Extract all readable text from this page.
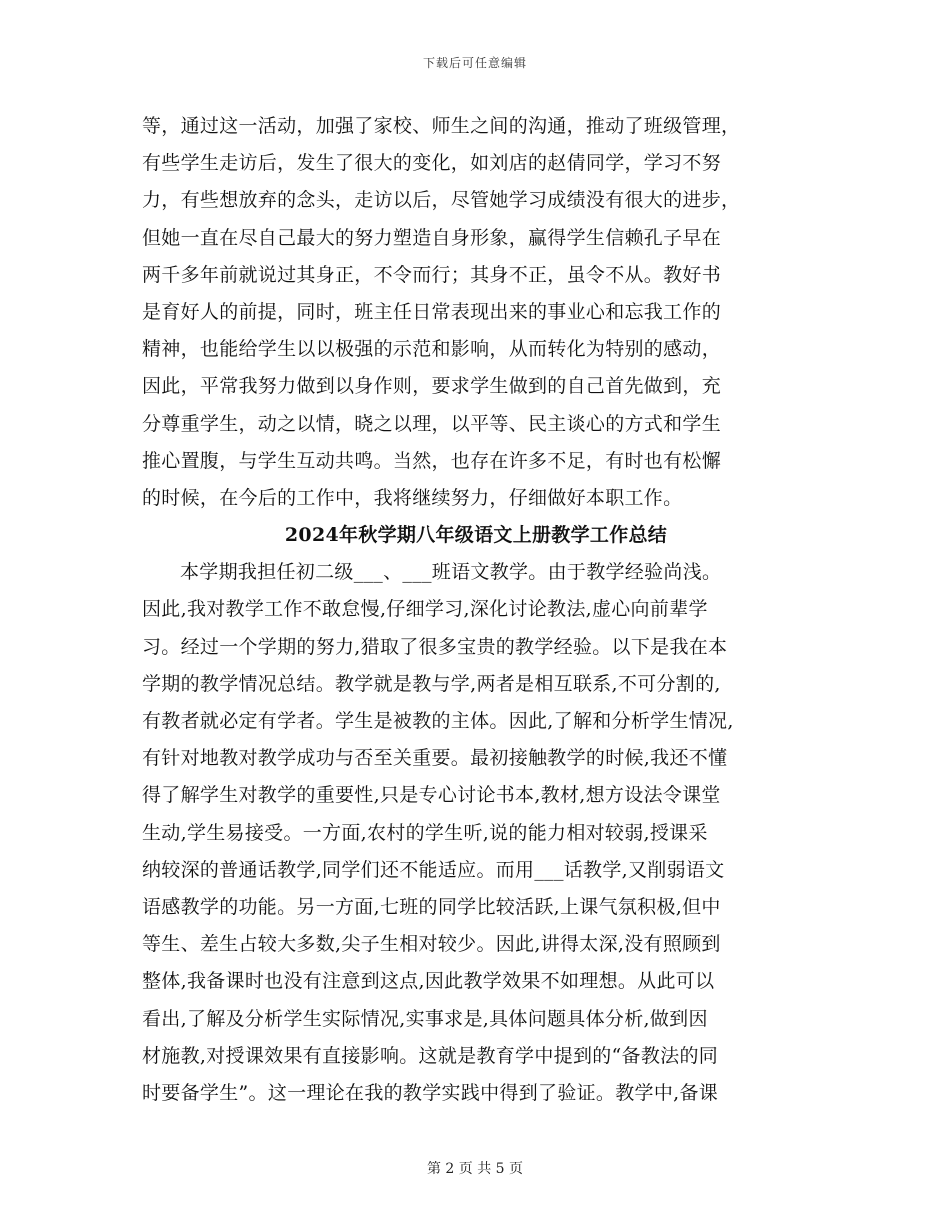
下载后可任意编辑
等，通过这一活动，加强了家校、师生之间的沟通，推动了班级管理，
有些学生走访后，发生了很大的变化，如刘店的赵倩同学，学习不努
力，有些想放弃的念头，走访以后，尽管她学习成绩没有很大的进步，
但她一直在尽自己最大的努力塑造自身形象，赢得学生信赖孔子早在
两千多年前就说过其身正，不令而行；其身不正，虽令不从。教好书
是育好人的前提，同时，班主任日常表现出来的事业心和忘我工作的
精神，也能给学生以以极强的示范和影响，从而转化为特别的感动，
因此，平常我努力做到以身作则，要求学生做到的自己首先做到，充
分尊重学生，动之以情，晓之以理，以平等、民主谈心的方式和学生
推心置腹，与学生互动共鸣。当然，也存在许多不足，有时也有松懈
的时候，在今后的工作中，我将继续努力，仔细做好本职工作。
2024年秋学期八年级语文上册教学工作总结
本学期我担任初二级___、___班语文教学。由于教学经验尚浅。
因此,我对教学工作不敢怠慢,仔细学习,深化讨论教法,虚心向前辈学
习。经过一个学期的努力,猎取了很多宝贵的教学经验。以下是我在本
学期的教学情况总结。教学就是教与学,两者是相互联系,不可分割的,
有教者就必定有学者。学生是被教的主体。因此,了解和分析学生情况,
有针对地教对教学成功与否至关重要。最初接触教学的时候,我还不懂
得了解学生对教学的重要性,只是专心讨论书本,教材,想方设法令课堂
生动,学生易接受。一方面,农村的学生听,说的能力相对较弱,授课采
纳较深的普通话教学,同学们还不能适应。而用___话教学,又削弱语文
语感教学的功能。另一方面,七班的同学比较活跃,上课气氛积极,但中
等生、差生占较大多数,尖子生相对较少。因此,讲得太深,没有照顾到
整体,我备课时也没有注意到这点,因此教学效果不如理想。从此可以
看出,了解及分析学生实际情况,实事求是,具体问题具体分析,做到因
材施教,对授课效果有直接影响。这就是教育学中提到的“备教法的同
时要备学生”。这一理论在我的教学实践中得到了验证。教学中,备课
第 2 页 共 5 页
